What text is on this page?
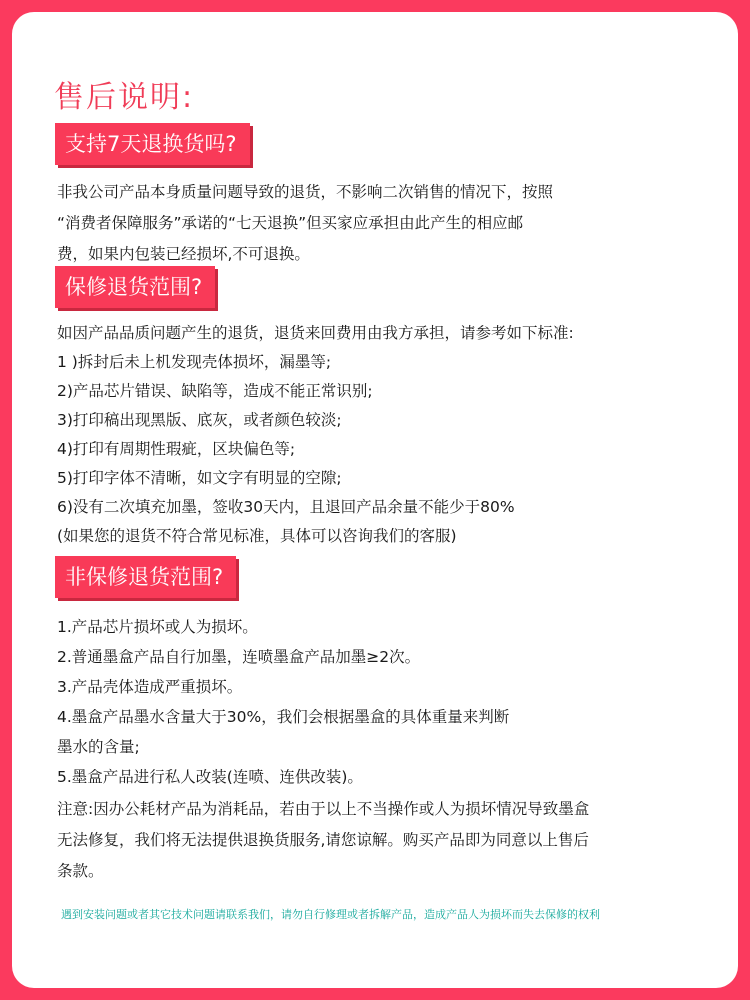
售后说明:
支持7天退换货吗?

非我公司产品本身质量问题导致的退货，不影响二次销售的情况下，按照

“消费者保障服务”承诺的“七天退换”但买家应承担由此产生的相应邮

费，如果内包装已经损坏,不可退换。

保修退货范围?

如因产品品质问题产生的退货，退货来回费用由我方承担，请参考如下标准:

1 )拆封后未上机发现壳体损坏，漏墨等;

2)产品芯片错误、缺陷等，造成不能正常识别;

3)打印稿出现黑版、底灰，或者颜色较淡;

4)打印有周期性瑕疵，区块偏色等;

5)打印字体不清晰，如文字有明显的空隙;

6)没有二次填充加墨，签收30天内，且退回产品余量不能少于80%

(如果您的退货不符合常见标准，具体可以咨询我们的客服)

非保修退货范围?

1.产品芯片损坏或人为损坏。

2.普通墨盒产品自行加墨，连喷墨盒产品加墨≥2次。

3.产品壳体造成严重损坏。

4.墨盒产品墨水含量大于30%，我们会根据墨盒的具体重量来判断

墨水的含量;

5.墨盒产品进行私人改装(连喷、连供改装)。

注意:因办公耗材产品为消耗品，若由于以上不当操作或人为损坏情况导致墨盒

无法修复，我们将无法提供退换货服务,请您谅解。购买产品即为同意以上售后

条款。

遇到安装问题或者其它技术问题请联系我们，请勿自行修理或者拆解产品，造成产品人为损坏而失去保修的权利
